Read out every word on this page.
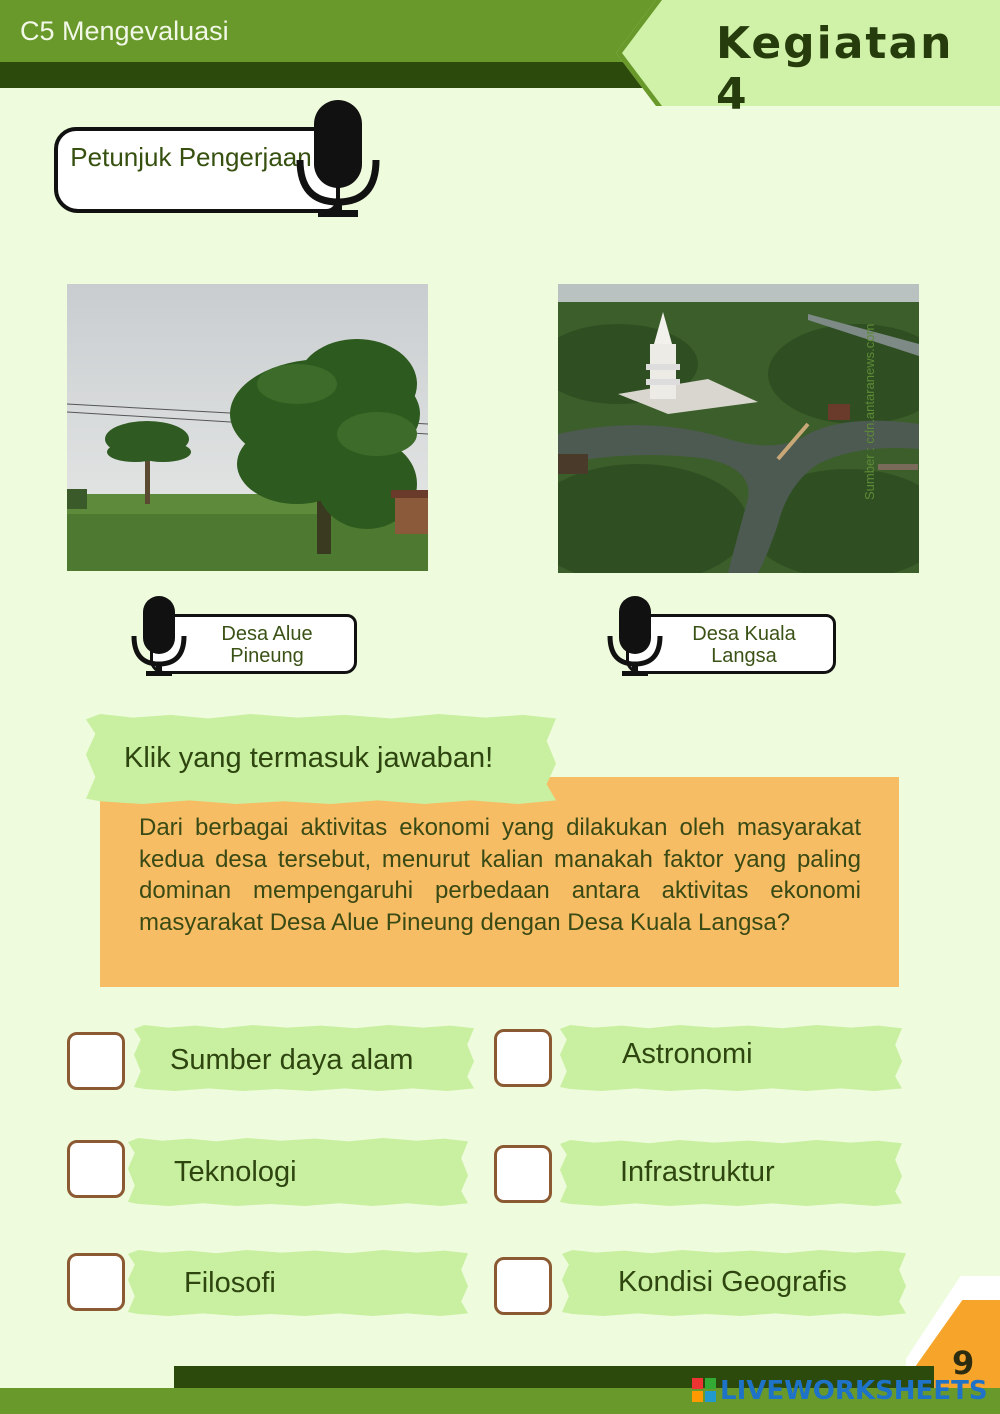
C5 Mengevaluasi	Kegiatan 4
Petunjuk Pengerjaan
Sumber : cdn.antaranews.com
Desa Alue Pineung
Desa Kuala Langsa
Klik yang termasuk jawaban!
Dari berbagai aktivitas ekonomi yang dilakukan oleh masyarakat kedua desa tersebut, menurut kalian manakah faktor yang paling dominan mempengaruhi perbedaan antara aktivitas ekonomi masyarakat Desa Alue Pineung dengan Desa Kuala Langsa?
Sumber daya alam	Astronomi
Teknologi	Infrastruktur
Filosofi	Kondisi Geografis
9
LIVEWORKSHEETS
